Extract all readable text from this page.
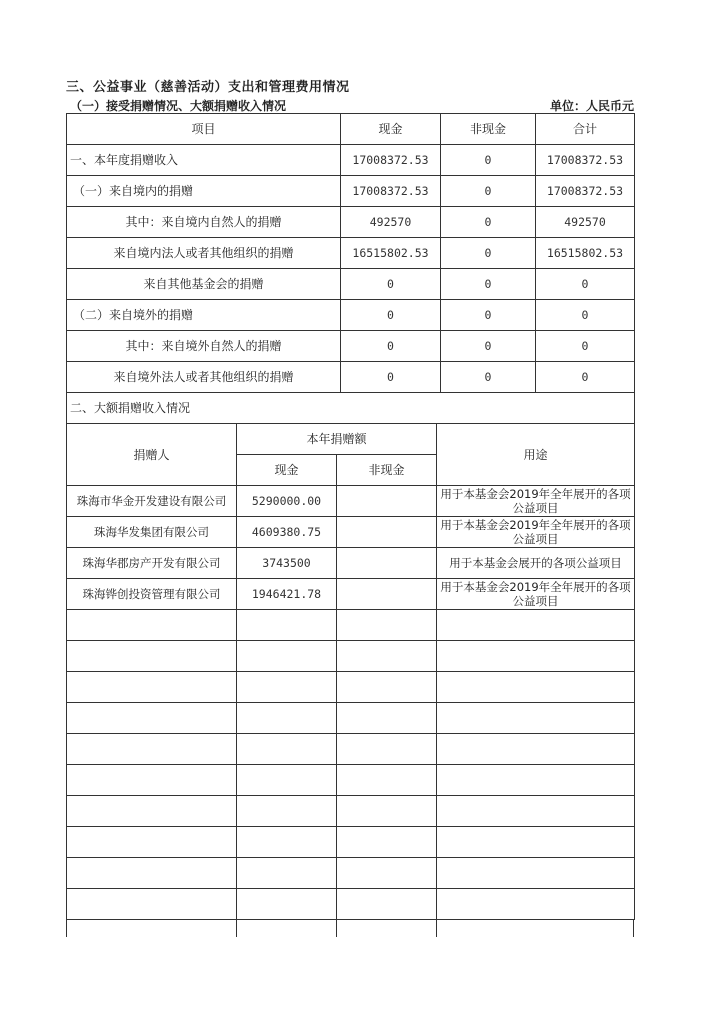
三、公益事业（慈善活动）支出和管理费用情况
（一）接受捐赠情况、大额捐赠收入情况	单位：人民币元
项目	现金	非现金	合计
一、本年度捐赠收入	17008372.53	0	17008372.53
（一）来自境内的捐赠	17008372.53	0	17008372.53
其中：来自境内自然人的捐赠	492570	0	492570
来自境内法人或者其他组织的捐赠	16515802.53	0	16515802.53
来自其他基金会的捐赠	0	0	0
（二）来自境外的捐赠	0	0	0
其中：来自境外自然人的捐赠	0	0	0
来自境外法人或者其他组织的捐赠	0	0	0
二、大额捐赠收入情况			
捐赠人	本年捐赠额		用途
	现金	非现金	
珠海市华金开发建设有限公司	5290000.00		用于本基金会2019年全年展开的各项公益项目
珠海华发集团有限公司	4609380.75		用于本基金会2019年全年展开的各项公益项目
珠海华郡房产开发有限公司	3743500		用于本基金会展开的各项公益项目
珠海铧创投资管理有限公司	1946421.78		用于本基金会2019年全年展开的各项公益项目
